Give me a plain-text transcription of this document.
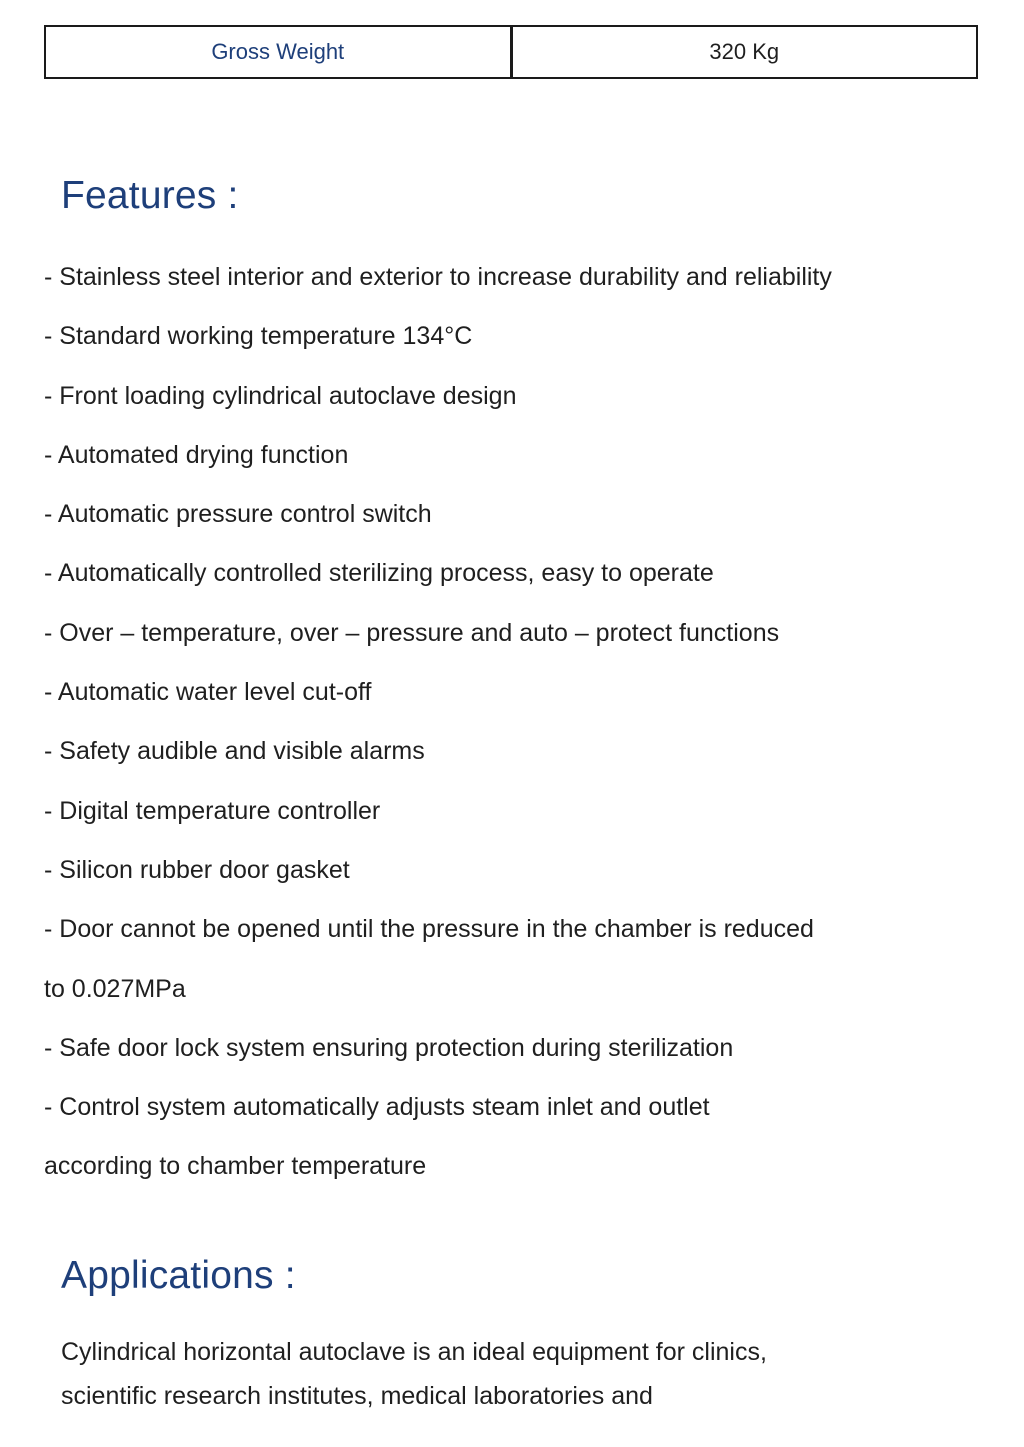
Gross Weight	320 Kg
Features :
- Stainless steel interior and exterior to increase durability and reliability
- Standard working temperature 134°C
- Front loading cylindrical autoclave design
- Automated drying function
- Automatic pressure control switch
- Automatically controlled sterilizing process, easy to operate
- Over – temperature, over – pressure and auto – protect functions
- Automatic water level cut-off
- Safety audible and visible alarms
- Digital temperature controller
- Silicon rubber door gasket
- Door cannot be opened until the pressure in the chamber is reduced
to 0.027MPa
- Safe door lock system ensuring protection during sterilization
- Control system automatically adjusts steam inlet and outlet
according to chamber temperature
Applications :

Cylindrical horizontal autoclave is an ideal equipment for clinics,
scientific research institutes, medical laboratories and
